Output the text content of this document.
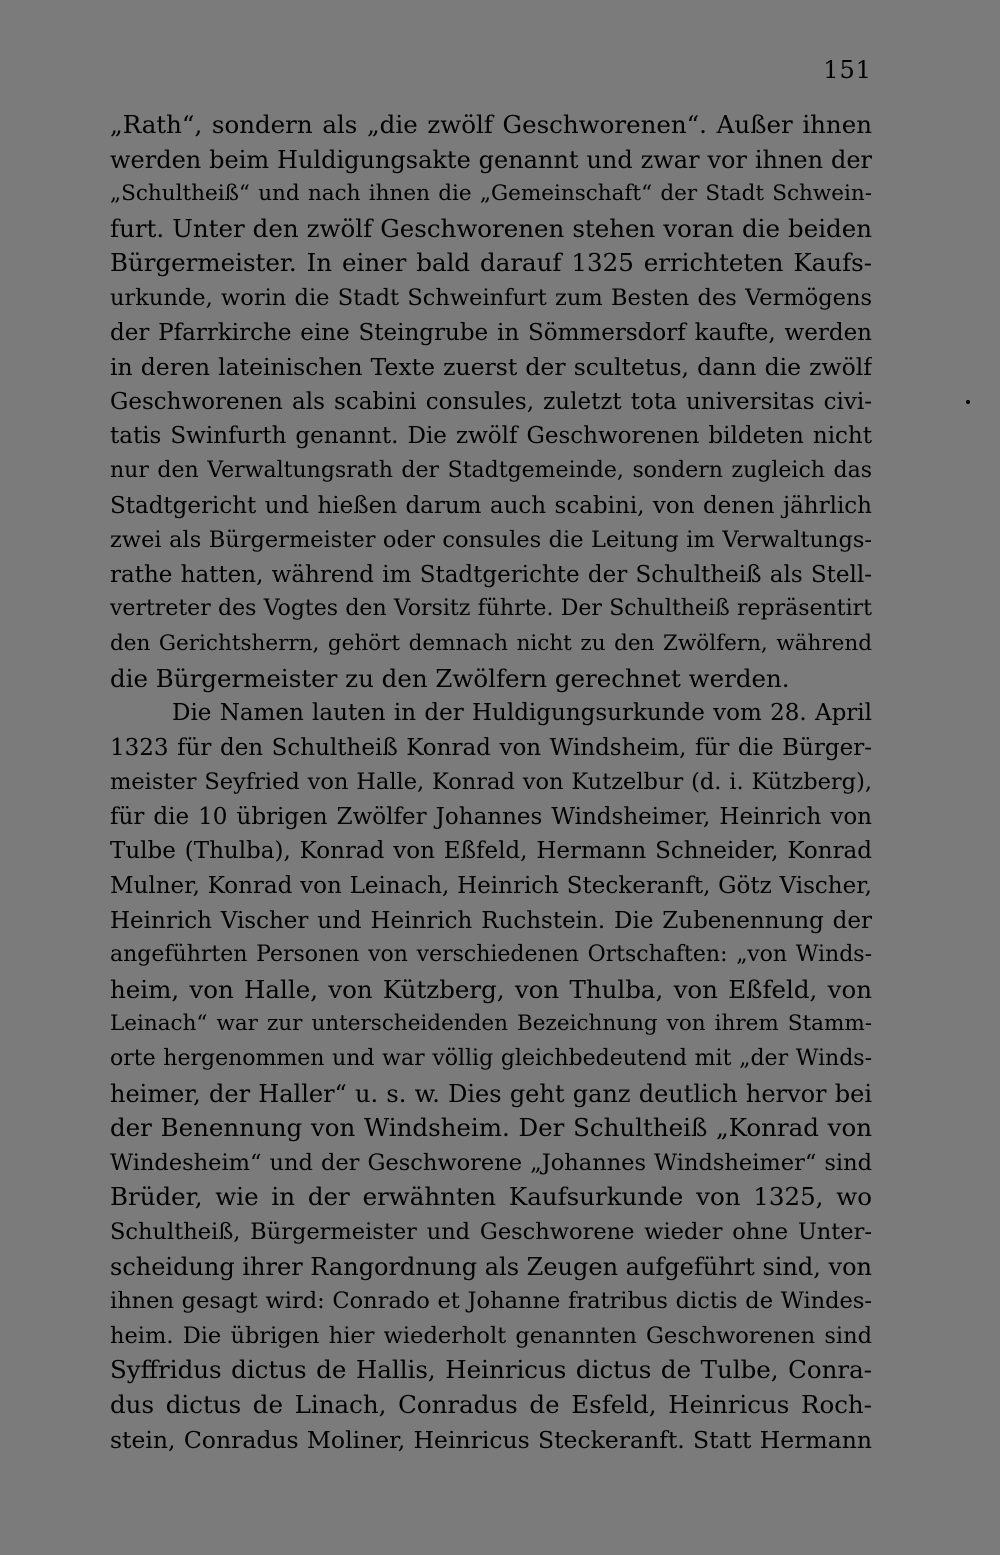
151
„Rath“, sondern als „die zwölf Geschworenen“. Außer ihnen
werden beim Huldigungsakte genannt und zwar vor ihnen der
„Schultheiß“ und nach ihnen die „Gemeinschaft“ der Stadt Schwein-
furt. Unter den zwölf Geschworenen stehen voran die beiden
Bürgermeister. In einer bald darauf 1325 errichteten Kaufs-
urkunde, worin die Stadt Schweinfurt zum Besten des Vermögens
der Pfarrkirche eine Steingrube in Sömmersdorf kaufte, werden
in deren lateinischen Texte zuerst der scultetus, dann die zwölf
Geschworenen als scabini consules, zuletzt tota universitas civi-
tatis Swinfurth genannt. Die zwölf Geschworenen bildeten nicht
nur den Verwaltungsrath der Stadtgemeinde, sondern zugleich das
Stadtgericht und hießen darum auch scabini, von denen jährlich
zwei als Bürgermeister oder consules die Leitung im Verwaltungs-
rathe hatten, während im Stadtgerichte der Schultheiß als Stell-
vertreter des Vogtes den Vorsitz führte. Der Schultheiß repräsentirt
den Gerichtsherrn, gehört demnach nicht zu den Zwölfern, während
die Bürgermeister zu den Zwölfern gerechnet werden.
Die Namen lauten in der Huldigungsurkunde vom 28. April
1323 für den Schultheiß Konrad von Windsheim, für die Bürger-
meister Seyfried von Halle, Konrad von Kutzelbur (d. i. Kützberg),
für die 10 übrigen Zwölfer Johannes Windsheimer, Heinrich von
Tulbe (Thulba), Konrad von Eßfeld, Hermann Schneider, Konrad
Mulner, Konrad von Leinach, Heinrich Steckeranft, Götz Vischer,
Heinrich Vischer und Heinrich Ruchstein. Die Zubenennung der
angeführten Personen von verschiedenen Ortschaften: „von Winds-
heim, von Halle, von Kützberg, von Thulba, von Eßfeld, von
Leinach“ war zur unterscheidenden Bezeichnung von ihrem Stamm-
orte hergenommen und war völlig gleichbedeutend mit „der Winds-
heimer, der Haller“ u. s. w. Dies geht ganz deutlich hervor bei
der Benennung von Windsheim. Der Schultheiß „Konrad von
Windesheim“ und der Geschworene „Johannes Windsheimer“ sind
Brüder, wie in der erwähnten Kaufsurkunde von 1325, wo
Schultheiß, Bürgermeister und Geschworene wieder ohne Unter-
scheidung ihrer Rangordnung als Zeugen aufgeführt sind, von
ihnen gesagt wird: Conrado et Johanne fratribus dictis de Windes-
heim. Die übrigen hier wiederholt genannten Geschworenen sind
Syffridus dictus de Hallis, Heinricus dictus de Tulbe, Conra-
dus dictus de Linach, Conradus de Esfeld, Heinricus Roch-
stein, Conradus Moliner, Heinricus Steckeranft. Statt Hermann
